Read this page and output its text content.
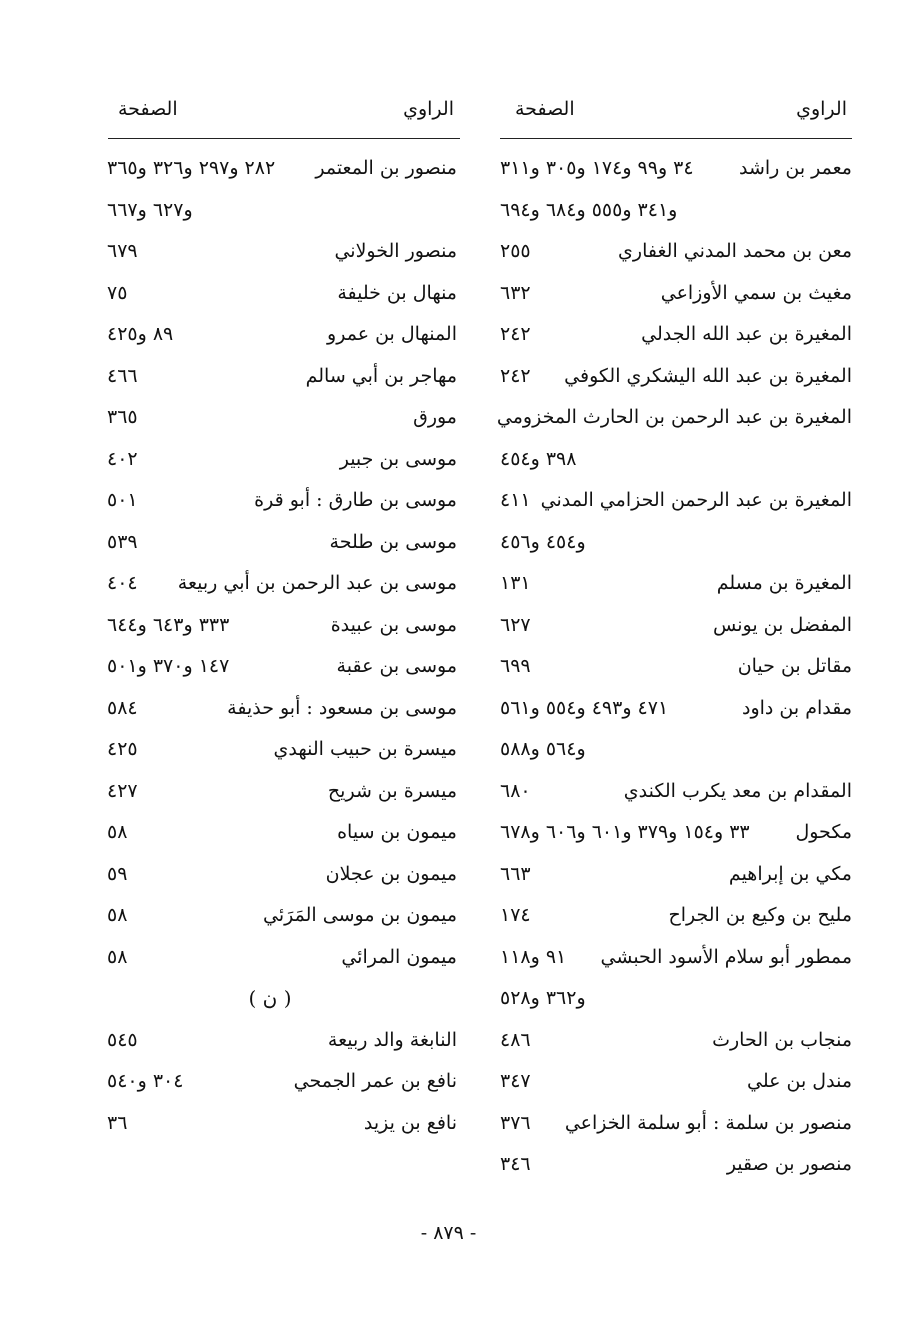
الراوي
الصفحة
الراوي
الصفحة
معمر بن راشد
٣٤ و٩٩ و١٧٤ و٣٠٥ و٣١١
و٣٤١ و٥٥٥ و٦٨٤ و٦٩٤
معن بن محمد المدني الغفاري
٢٥٥
مغيث بن سمي الأوزاعي
٦٣٢
المغيرة بن عبد الله الجدلي
٢٤٢
المغيرة بن عبد الله اليشكري الكوفي
٢٤٢
المغيرة بن عبد الرحمن بن الحارث المخزومي
٣٩٨ و٤٥٤
المغيرة بن عبد الرحمن الحزامي المدني
٤١١
و٤٥٤ و٤٥٦
المغيرة بن مسلم
١٣١
المفضل بن يونس
٦٢٧
مقاتل بن حيان
٦٩٩
مقدام بن داود
٤٧١ و٤٩٣ و٥٥٤ و٥٦١
و٥٦٤ و٥٨٨
المقدام بن معد يكرب الكندي
٦٨٠
مكحول
٣٣ و١٥٤ و٣٧٩ و٦٠١ و٦٠٦ و٦٧٨
مكي بن إبراهيم
٦٦٣
مليح بن وكيع بن الجراح
١٧٤
ممطور أبو سلام الأسود الحبشي
٩١ و١١٨
و٣٦٢ و٥٢٨
منجاب بن الحارث
٤٨٦
مندل بن علي
٣٤٧
منصور بن سلمة : أبو سلمة الخزاعي
٣٧٦
منصور بن صقير
٣٤٦
منصور بن المعتمر
٢٨٢ و٢٩٧ و٣٢٦ و٣٦٥
و٦٢٧ و٦٦٧
منصور الخولاني
٦٧٩
منهال بن خليفة
٧٥
المنهال بن عمرو
٨٩ و٤٢٥
مهاجر بن أبي سالم
٤٦٦
مورق
٣٦٥
موسى بن جبير
٤٠٢
موسى بن طارق : أبو قرة
٥٠١
موسى بن طلحة
٥٣٩
موسى بن عبد الرحمن بن أبي ربيعة
٤٠٤
موسى بن عبيدة
٣٣٣ و٦٤٣ و٦٤٤
موسى بن عقبة
١٤٧ و٣٧٠ و٥٠١
موسى بن مسعود : أبو حذيفة
٥٨٤
ميسرة بن حبيب النهدي
٤٢٥
ميسرة بن شريح
٤٢٧
ميمون بن سياه
٥٨
ميمون بن عجلان
٥٩
ميمون بن موسى المَرَئي
٥٨
ميمون المرائي
٥٨
( ن )
النابغة والد ربيعة
٥٤٥
نافع بن عمر الجمحي
٣٠٤ و٥٤٠
نافع بن يزيد
٣٦
- ٨٧٩ -
